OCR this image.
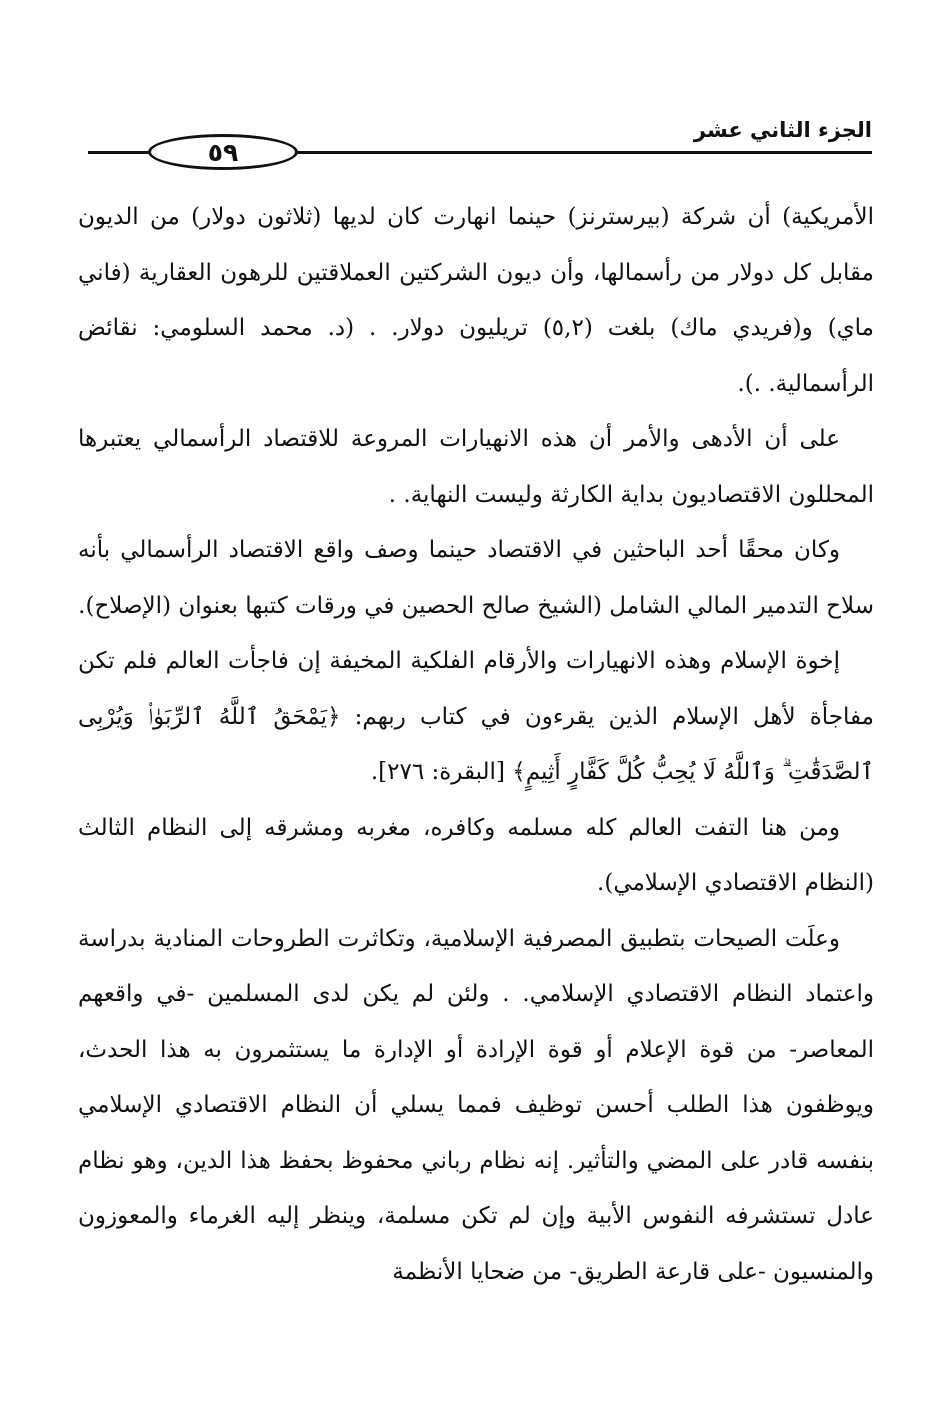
٥٩
الجزء الثاني عشر

الأمريكية) أن شركة (بيرسترنز) حينما انهارت كان لديها (ثلاثون دولار) من الديون مقابل كل دولار من رأسمالها، وأن ديون الشركتين العملاقتين للرهون العقارية (فاني ماي) و(فريدي ماك) بلغت (٥,٢) تريليون دولار. . (د. محمد السلومي: نقائض الرأسمالية. .).

على أن الأدهى والأمر أن هذه الانهيارات المروعة للاقتصاد الرأسمالي يعتبرها المحللون الاقتصاديون بداية الكارثة وليست النهاية. .

وكان محقًا أحد الباحثين في الاقتصاد حينما وصف واقع الاقتصاد الرأسمالي بأنه سلاح التدمير المالي الشامل (الشيخ صالح الحصين في ورقات كتبها بعنوان (الإصلاح).

إخوة الإسلام وهذه الانهيارات والأرقام الفلكية المخيفة إن فاجأت العالم فلم تكن مفاجأة لأهل الإسلام الذين يقرءون في كتاب ربهم: ﴿يَمْحَقُ ٱللَّهُ ٱلرِّبَوٰا۟ وَيُرْبِى ٱلصَّدَقَٰتِ ۗ وَٱللَّهُ لَا يُحِبُّ كُلَّ كَفَّارٍ أَثِيمٍ﴾ [البقرة: ٢٧٦].

ومن هنا التفت العالم كله مسلمه وكافره، مغربه ومشرقه إلى النظام الثالث (النظام الاقتصادي الإسلامي).

وعلَت الصيحات بتطبيق المصرفية الإسلامية، وتكاثرت الطروحات المنادية بدراسة واعتماد النظام الاقتصادي الإسلامي. . ولئن لم يكن لدى المسلمين -في واقعهم المعاصر- من قوة الإعلام أو قوة الإرادة أو الإدارة ما يستثمرون به هذا الحدث، ويوظفون هذا الطلب أحسن توظيف فمما يسلي أن النظام الاقتصادي الإسلامي بنفسه قادر على المضي والتأثير. إنه نظام رباني محفوظ بحفظ هذا الدين، وهو نظام عادل تستشرفه النفوس الأبية وإن لم تكن مسلمة، وينظر إليه الغرماء والمعوزون والمنسيون -على قارعة الطريق- من ضحايا الأنظمة
